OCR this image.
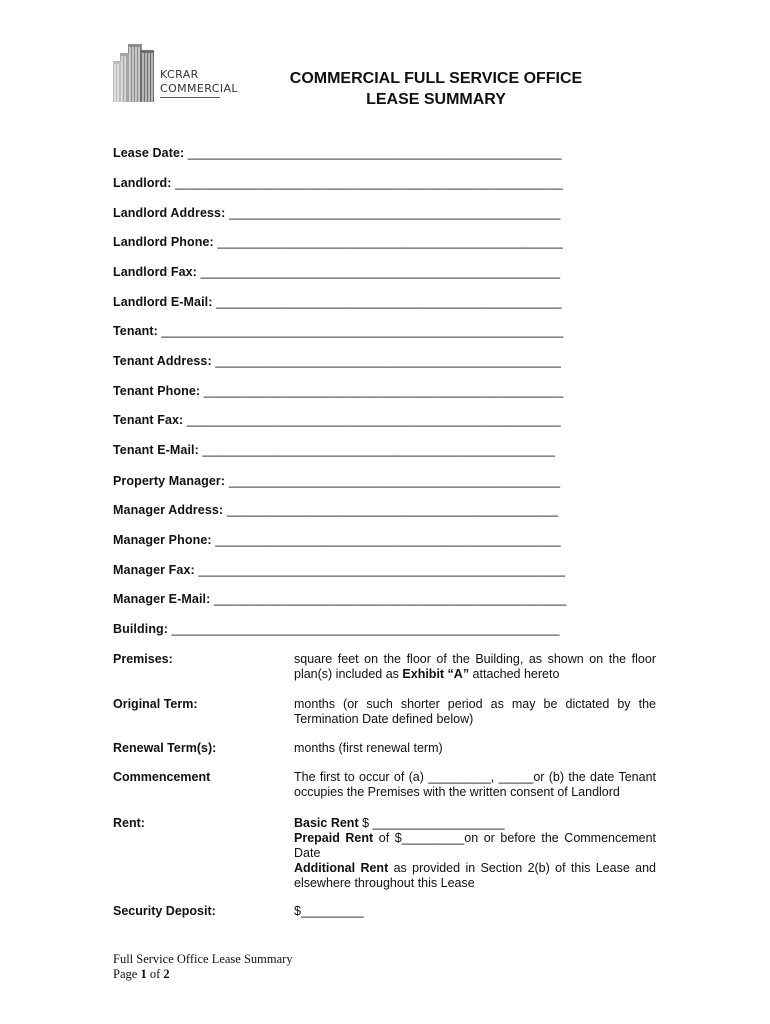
KCRAR
COMMERCIAL
COMMERCIAL FULL SERVICE OFFICE
LEASE SUMMARY
Lease Date: _____________________________________________________
Landlord: _______________________________________________________
Landlord Address: _______________________________________________
Landlord Phone: _________________________________________________
Landlord Fax: ___________________________________________________
Landlord E-Mail: _________________________________________________
Tenant: _________________________________________________________
Tenant Address: _________________________________________________
Tenant Phone: ___________________________________________________
Tenant Fax: _____________________________________________________
Tenant E-Mail: __________________________________________________
Property Manager: _______________________________________________
Manager Address: _______________________________________________
Manager Phone: _________________________________________________
Manager Fax: ____________________________________________________
Manager E-Mail: __________________________________________________
Building: _______________________________________________________
Premises:	square feet on the floor of the Building, as shown on the floor plan(s) included as Exhibit “A” attached hereto
Original Term:	months (or such shorter period as may be dictated by the Termination Date defined below)
Renewal Term(s):	months (first renewal term)
Commencement	The first to occur of (a) _________, _____or (b) the date Tenant occupies the Premises with the written consent of Landlord
Rent:	Basic Rent $ ___________________
Prepaid Rent of $_________on or before the Commencement Date
Additional Rent as provided in Section 2(b) of this Lease and elsewhere throughout this Lease
Security Deposit:	$_________
Full Service Office Lease Summary
Page 1 of 2
